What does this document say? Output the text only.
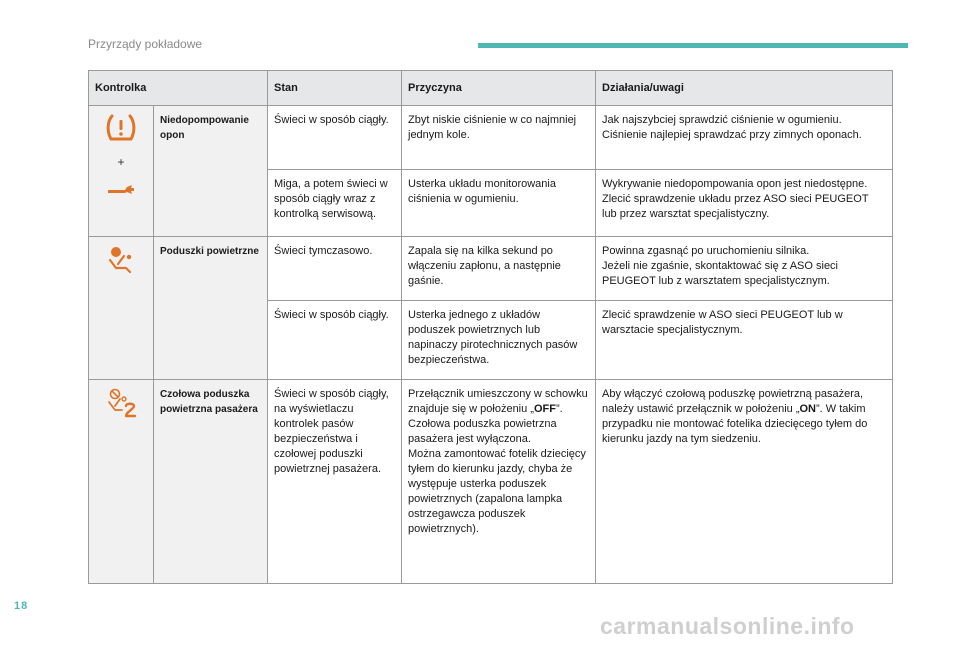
Przyrządy pokładowe
Kontrolka		Stan	Przyczyna	Działania/uwagi

+	Niedopompowanie opon	Świeci w sposób ciągły.	Zbyt niskie ciśnienie w co najmniej jednym kole.	Jak najszybciej sprawdzić ciśnienie w ogumieniu. Ciśnienie najlepiej sprawdzać przy zimnych oponach.
		Miga, a potem świeci w sposób ciągły wraz z kontrolką serwisową.	Usterka układu monitorowania ciśnienia w ogumieniu.	Wykrywanie niedopompowania opon jest niedostępne. Zlecić sprawdzenie układu przez ASO sieci PEUGEOT lub przez warsztat specjalistyczny.
	Poduszki powietrzne	Świeci tymczasowo.	Zapala się na kilka sekund po włączeniu zapłonu, a następnie gaśnie.	Powinna zgasnąć po uruchomieniu silnika.
Jeżeli nie zgaśnie, skontaktować się z ASO sieci PEUGEOT lub z warsztatem specjalistycznym.
		Świeci w sposób ciągły.	Usterka jednego z układów poduszek powietrznych lub napinaczy pirotechnicznych pasów bezpieczeństwa.	Zlecić sprawdzenie w ASO sieci PEUGEOT lub w warsztacie specjalistycznym.
	Czołowa poduszka powietrzna pasażera	Świeci w sposób ciągły, na wyświetlaczu kontrolek pasów bezpieczeństwa i czołowej poduszki powietrznej pasażera.	Przełącznik umieszczony w schowku znajduje się w położeniu „OFF”.
Czołowa poduszka powietrzna pasażera jest wyłączona.
Można zamontować fotelik dziecięcy tyłem do kierunku jazdy, chyba że występuje usterka poduszek powietrznych (zapalona lampka ostrzegawcza poduszek powietrznych).	Aby włączyć czołową poduszkę powietrzną pasażera, należy ustawić przełącznik w położeniu „ON”. W takim przypadku nie montować fotelika dziecięcego tyłem do kierunku jazdy na tym siedzeniu.
18
carmanualsonline.info
